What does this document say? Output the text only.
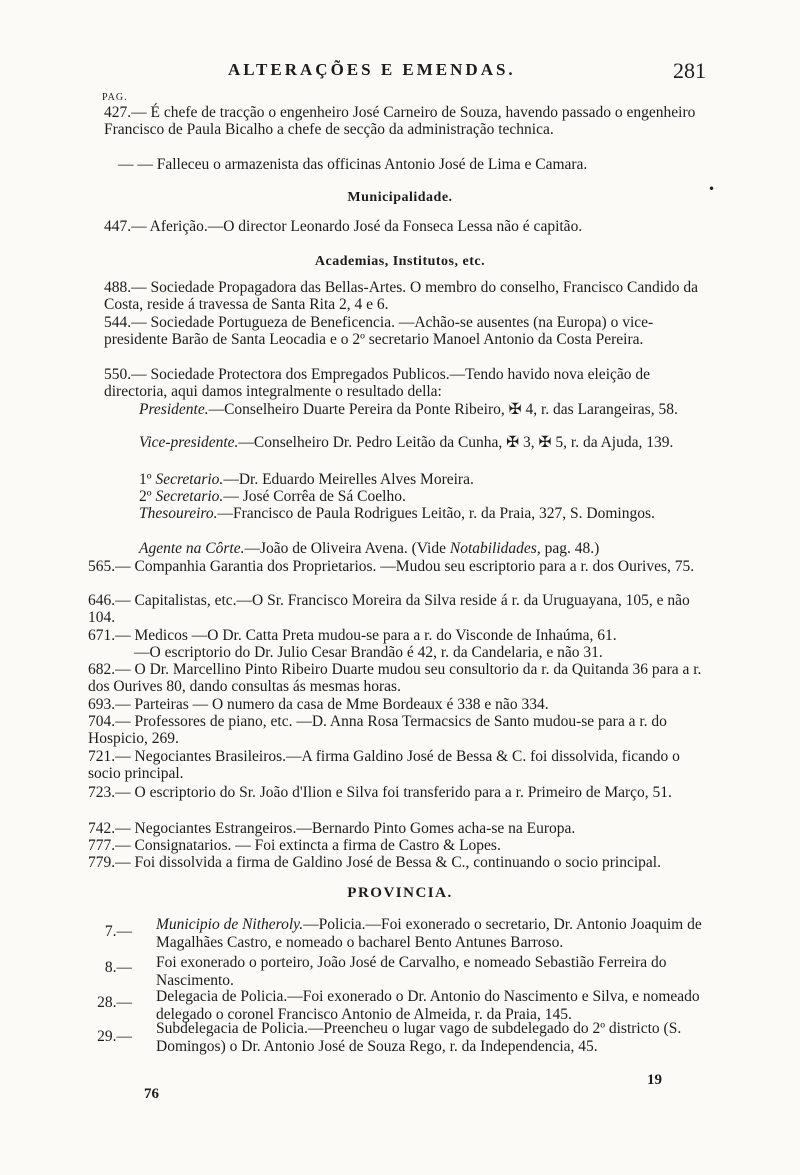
ALTERAÇÕES E EMENDAS.	281
PAG.
427.— É chefe de tracção o engenheiro José Carneiro de Souza, havendo passado o engenheiro Francisco de Paula Bicalho a chefe de secção da administração technica.
— — Falleceu o armazenista das officinas Antonio José de Lima e Camara.
•
Municipalidade.
447.— Aferição.—O director Leonardo José da Fonseca Lessa não é capitão.
Academias, Institutos, etc.
488.— Sociedade Propagadora das Bellas-Artes. O membro do conselho, Francisco Candido da Costa, reside á travessa de Santa Rita 2, 4 e 6.
544.— Sociedade Portugueza de Beneficencia. —Achão-se ausentes (na Europa) o vice-presidente Barão de Santa Leocadia e o 2º secretario Manoel Antonio da Costa Pereira.
550.— Sociedade Protectora dos Empregados Publicos.—Tendo havido nova eleição de directoria, aqui damos integralmente o resultado della:
Presidente.—Conselheiro Duarte Pereira da Ponte Ribeiro, ✠ 4, r. das Larangeiras, 58.
Vice-presidente.—Conselheiro Dr. Pedro Leitão da Cunha, ✠ 3, ✠ 5, r. da Ajuda, 139.
1º Secretario.—Dr. Eduardo Meirelles Alves Moreira.
2º Secretario.— José Corrêa de Sá Coelho.
Thesoureiro.—Francisco de Paula Rodrigues Leitão, r. da Praia, 327, S. Domingos.
Agente na Côrte.—João de Oliveira Avena. (Vide Notabilidades, pag. 48.)
565.— Companhia Garantia dos Proprietarios. —Mudou seu escriptorio para a r. dos Ourives, 75.
646.— Capitalistas, etc.—O Sr. Francisco Moreira da Silva reside á r. da Uruguayana, 105, e não 104.
671.— Medicos —O Dr. Catta Preta mudou-se para a r. do Visconde de Inhaúma, 61.
—O escriptorio do Dr. Julio Cesar Brandão é 42, r. da Candelaria, e não 31.
682.— O Dr. Marcellino Pinto Ribeiro Duarte mudou seu consultorio da r. da Quitanda 36 para a r. dos Ourives 80, dando consultas ás mesmas horas.
693.— Parteiras — O numero da casa de Mme Bordeaux é 338 e não 334.
704.— Professores de piano, etc. —D. Anna Rosa Termacsics de Santo mudou-se para a r. do Hospicio, 269.
721.— Negociantes Brasileiros.—A firma Galdino José de Bessa & C. foi dissolvida, ficando o socio principal.
723.— O escriptorio do Sr. João d'Ilion e Silva foi transferido para a r. Primeiro de Março, 51.
742.— Negociantes Estrangeiros.—Bernardo Pinto Gomes acha-se na Europa.
777.— Consignatarios. — Foi extincta a firma de Castro & Lopes.
779.— Foi dissolvida a firma de Galdino José de Bessa & C., continuando o socio principal.
PROVINCIA.
7.— Municipio de Nitheroly.—Policia.—Foi exonerado o secretario, Dr. Antonio Joaquim de Magalhães Castro, e nomeado o bacharel Bento Antunes Barroso.
8.— Foi exonerado o porteiro, João José de Carvalho, e nomeado Sebastião Ferreira do Nascimento.
28.— Delegacia de Policia.—Foi exonerado o Dr. Antonio do Nascimento e Silva, e nomeado delegado o coronel Francisco Antonio de Almeida, r. da Praia, 145.
29.— Subdelegacia de Policia.—Preencheu o lugar vago de subdelegado do 2º districto (S. Domingos) o Dr. Antonio José de Souza Rego, r. da Independencia, 45.
19
76
